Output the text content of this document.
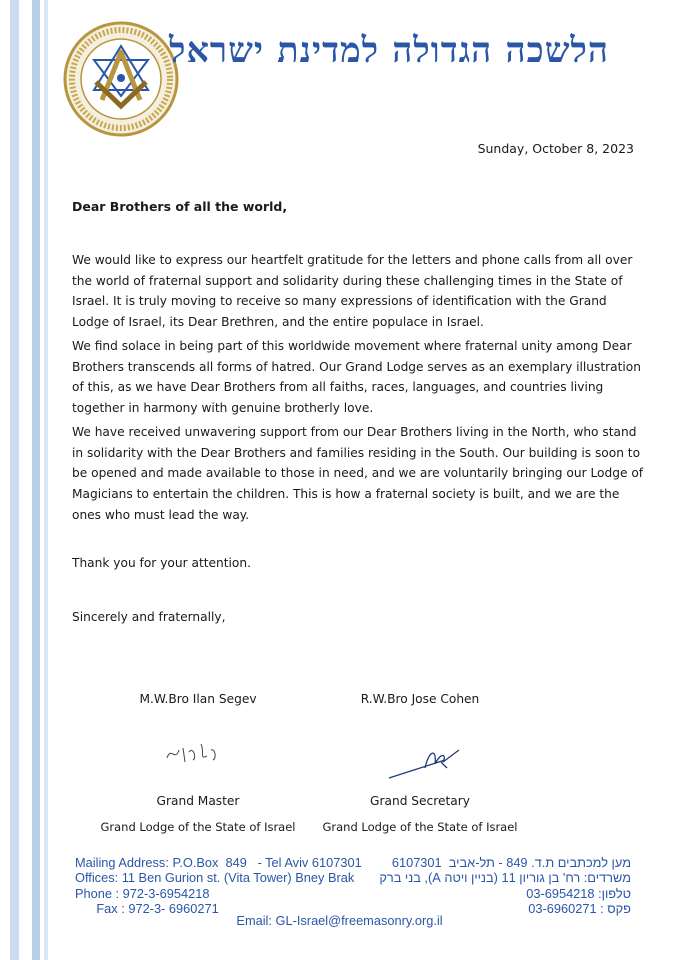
הלשכה הגדולה למדינת ישראל
Sunday, October 8, 2023
Dear Brothers of all the world,

We would like to express our heartfelt gratitude for the letters and phone calls from all over the world of fraternal support and solidarity during these challenging times in the State of Israel. It is truly moving to receive so many expressions of identification with the Grand Lodge of Israel, its Dear Brethren, and the entire populace in Israel.

We find solace in being part of this worldwide movement where fraternal unity among Dear Brothers transcends all forms of hatred. Our Grand Lodge serves as an exemplary illustration of this, as we have Dear Brothers from all faiths, races, languages, and countries living together in harmony with genuine brotherly love.

We have received unwavering support from our Dear Brothers living in the North, who stand in solidarity with the Dear Brothers and families residing in the South. Our building is soon to be opened and made available to those in need, and we are voluntarily bringing our Lodge of Magicians to entertain the children. This is how a fraternal society is built, and we are the ones who must lead the way.

Thank you for your attention.
Sincerely and fraternally,
M.W.Bro Ilan Segev
Grand Master
Grand Lodge of the State of Israel
R.W.Bro Jose Cohen
Grand Secretary
Grand Lodge of the State of Israel
Mailing Address: P.O.Box  849   - Tel Aviv 6107301
Offices: 11 Ben Gurion st. (Vita Tower) Bney Brak
Phone : 972-3-6954218
Fax : 972-3- 6960271
מען למכתבים ת.ד. 849 - תל-אביב  6107301
משרדים: רח' בן גוריון 11 (בניין ויטה A), בני ברק
טלפון: 03-6954218
פקס : 03-6960271
Email: GL-Israel@freemasonry.org.il
